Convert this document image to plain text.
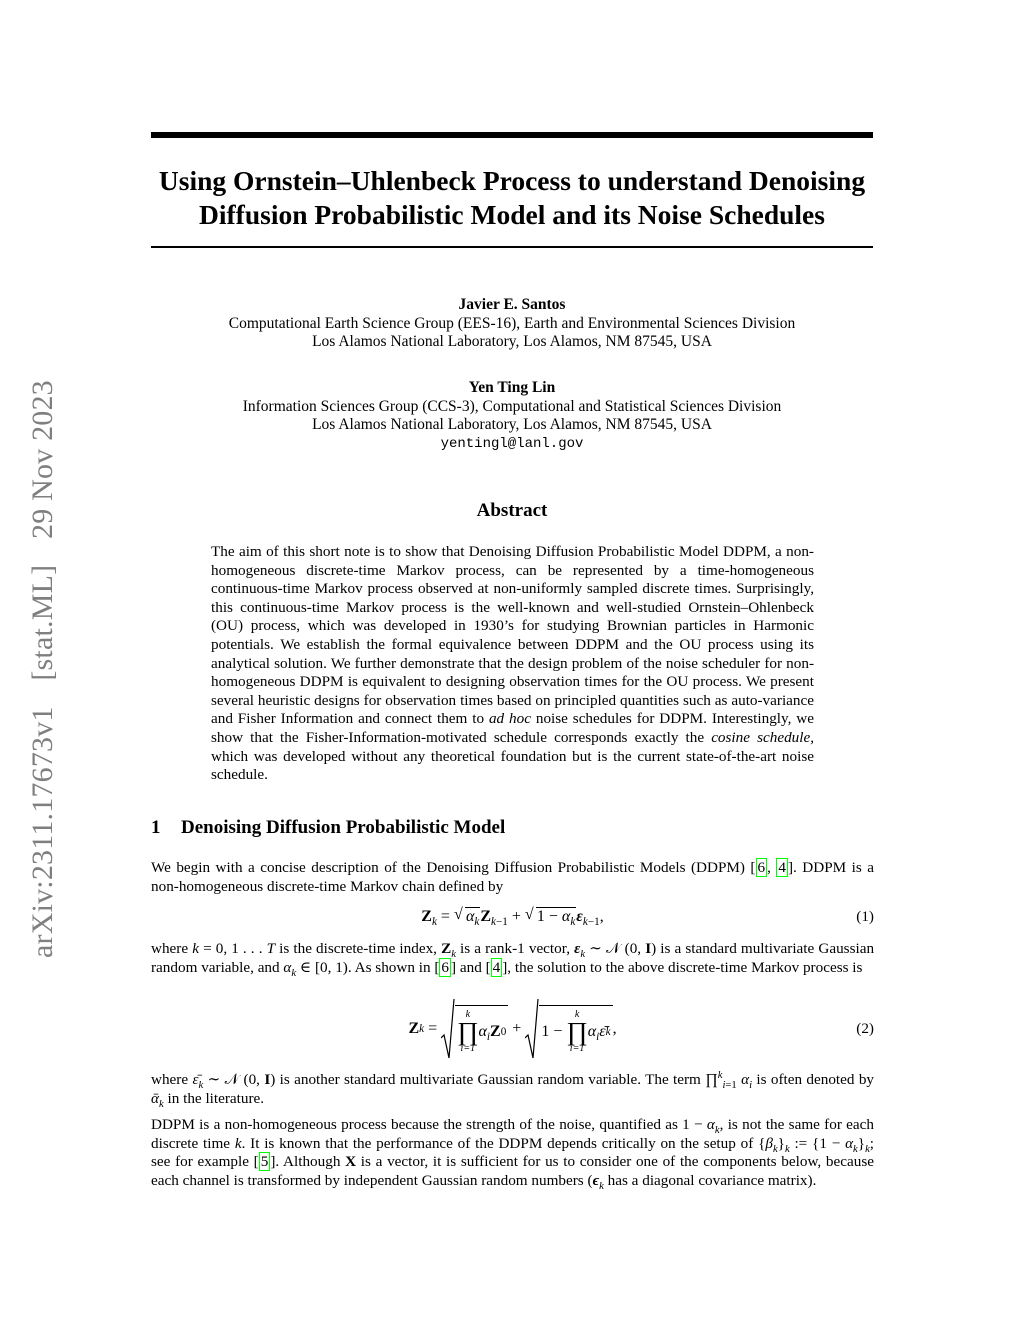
arXiv:2311.17673v1 [stat.ML] 29 Nov 2023
Using Ornstein–Uhlenbeck Process to understand Denoising
Diffusion Probabilistic Model and its Noise Schedules
Javier E. Santos
Computational Earth Science Group (EES-16), Earth and Environmental Sciences Division
Los Alamos National Laboratory, Los Alamos, NM 87545, USA
Yen Ting Lin
Information Sciences Group (CCS-3), Computational and Statistical Sciences Division
Los Alamos National Laboratory, Los Alamos, NM 87545, USA
yentingl@lanl.gov
Abstract
The aim of this short note is to show that Denoising Diffusion Probabilistic Model DDPM, a non-homogeneous discrete-time Markov process, can be represented by a time-homogeneous continuous-time Markov process observed at non-uniformly sampled discrete times. Surprisingly, this continuous-time Markov process is the well-known and well-studied Ornstein–Ohlenbeck (OU) process, which was developed in 1930’s for studying Brownian particles in Harmonic potentials. We establish the formal equivalence between DDPM and the OU process using its analytical solution. We further demonstrate that the design problem of the noise scheduler for non-homogeneous DDPM is equivalent to designing observation times for the OU process. We present several heuristic designs for observation times based on principled quantities such as auto-variance and Fisher Information and connect them to ad hoc noise schedules for DDPM. Interestingly, we show that the Fisher-Information-motivated schedule corresponds exactly the cosine schedule, which was developed without any theoretical foundation but is the current state-of-the-art noise schedule.
1 Denoising Diffusion Probabilistic Model
We begin with a concise description of the Denoising Diffusion Probabilistic Models (DDPM) [ 6 , 4 ]. DDPM is a non-homogeneous discrete-time Markov chain defined by
$Z_k$ = √ $\alpha_kZ_{k-1}$ + √ $1 - \alpha_k\varepsilon_{k-1}$,	(1)
where k = 0, 1 . . . T is the discrete-time index, $Z_k$ is a rank-1 vector, $\varepsilon_k$ ∼ 𝒩 (0, I) is a standard multivariate Gaussian random variable, and $\alpha_k$ ∈ [0, 1). As shown in [ 6 ] and [ 4 ], the solution to the above discrete-time Markov process is
Z k =
k
∏
i=1
$\alpha_i$ Z 0 + 1 −
k
∏
i=1
$\alpha_i$ ε̄ k ,	(2)
where $\varepsilon̄_k$ ∼ 𝒩 (0, I) is another standard multivariate Gaussian random variable. The term ∏$^k_{i=1}$ $\alpha_i$ is often denoted by ᾱ$_k$ in the literature.
DDPM is a non-homogeneous process because the strength of the noise, quantified as $1 - \alpha_k$, is not the same for each discrete time k. It is known that the performance of the DDPM depends critically on the setup of $\{\beta_k\}_k$ := $\{1 - \alpha_k\}_k$; see for example [ 5 ]. Although X is a vector, it is sufficient for us to consider one of the components below, because each channel is transformed by independent Gaussian random numbers ($\epsilon_k$ has a diagonal covariance matrix).
